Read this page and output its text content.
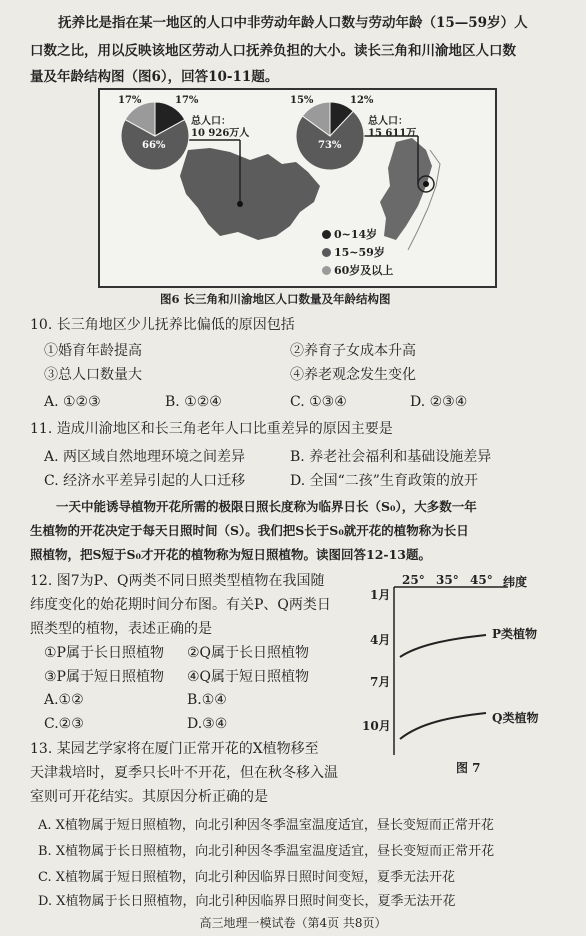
抚养比是指在某一地区的人口中非劳动年龄人口数与劳动年龄（15—59岁）人
口数之比，用以反映该地区劳动人口抚养负担的大小。读长三角和川渝地区人口数
量及年龄结构图（图6），回答10-11题。
17%	17%
66%
总人口：
10 926万人
15%	12%
73%
总人口：
15 611万
0~14岁
15~59岁
60岁及以上
图6 长三角和川渝地区人口数量及年龄结构图
10. 长三角地区少儿抚养比偏低的原因包括
①婚育年龄提高	②养育子女成本升高
③总人口数量大	④养老观念发生变化
A. ①②③	B. ①②④	C. ①③④	D. ②③④
11. 造成川渝地区和长三角老年人口比重差异的原因主要是
A. 两区域自然地理环境之间差异	B. 养老社会福利和基础设施差异
C. 经济水平差异引起的人口迁移	D. 全国“二孩”生育政策的放开
一天中能诱导植物开花所需的极限日照长度称为临界日长（S₀），大多数一年
生植物的开花决定于每天日照时间（S）。我们把S长于S₀就开花的植物称为长日
照植物，把S短于S₀才开花的植物称为短日照植物。读图回答12-13题。
12. 图7为P、Q两类不同日照类型植物在我国随
纬度变化的始花期时间分布图。有关P、Q两类日
照类型的植物，表述正确的是
①P属于长日照植物 ②Q属于长日照植物
③P属于短日照植物 ④Q属于短日照植物
A.①②	B.①④
C.②③	D.③④
25° 35° 45° 纬度
1月
4月
7月
10月
P类植物
Q类植物
图 7
13. 某园艺学家将在厦门正常开花的X植物移至
天津栽培时，夏季只长叶不开花，但在秋冬移入温
室则可开花结实。其原因分析正确的是
A. X植物属于短日照植物，向北引种因冬季温室温度适宜，昼长变短而正常开花
B. X植物属于长日照植物，向北引种因冬季温室温度适宜，昼长变短而正常开花
C. X植物属于短日照植物，向北引种因临界日照时间变短，夏季无法开花
D. X植物属于长日照植物，向北引种因临界日照时间变长，夏季无法开花
高三地理一模试卷（第4页 共8页）
